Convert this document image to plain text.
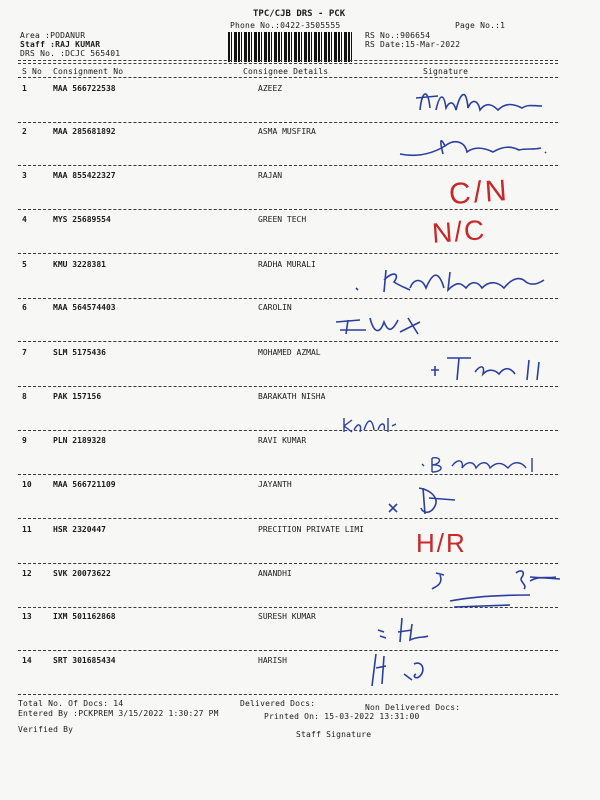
TPC/CJB DRS - PCK
Phone No.:0422-3505555	Page No.:1
Area :PODANUR
Staff :RAJ KUMAR
DRS No. :DCJC 565401
RS No.:906654
RS Date:15-Mar-2022
S No Consignment No	Consignee Details	Signature
1	MAA 566722538	AZEEZ
2	MAA 285681892	ASMA MUSFIRA
3	MAA 855422327	RAJAN
4	MYS 25689554	GREEN TECH
5	KMU 3228381	RADHA MURALI
6	MAA 564574403	CAROLIN
7	SLM 5175436	MOHAMED AZMAL
8	PAK 157156	BARAKATH NISHA
9	PLN 2189328	RAVI KUMAR
10	MAA 566721109	JAYANTH
11	HSR 2320447	PRECITION PRIVATE LIMI
12	SVK 20073622	ANANDHI
13	IXM 501162868	SURESH KUMAR
14	SRT 301685434	HARISH
C/N
N/C
H/R
Total No. Of Docs: 14	Delivered Docs:	Non Delivered Docs:
Entered By :PCKPREM 3/15/2022 1:30:27 PM	Printed On: 15-03-2022 13:31:00
Verified By
Staff Signature
